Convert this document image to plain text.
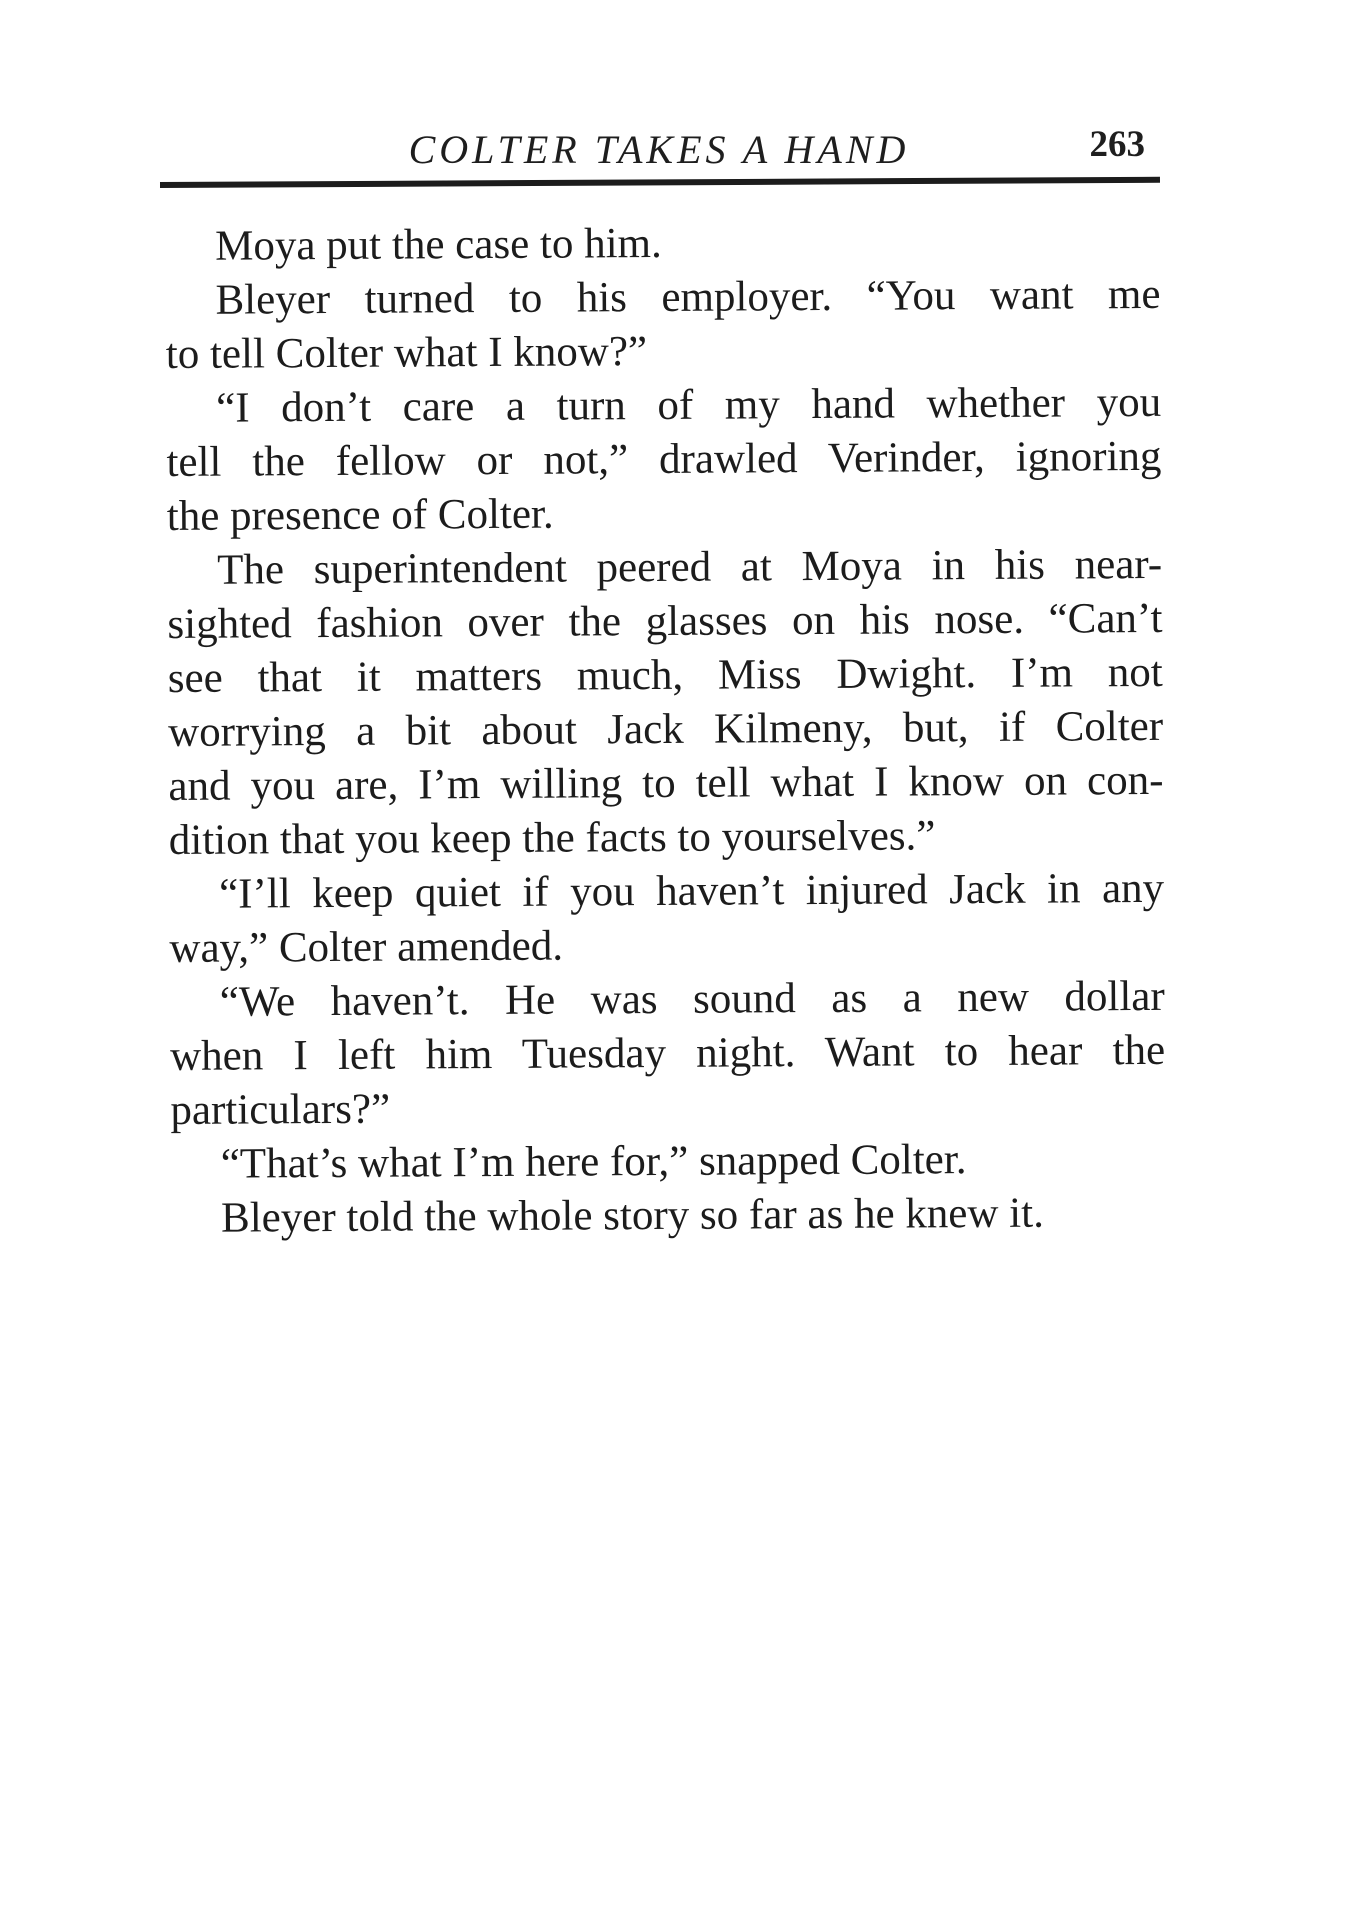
COLTER TAKES A HAND	263
Moya put the case to him.
Bleyer turned to his employer. “You want me
to tell Colter what I know?”
“I don’t care a turn of my hand whether you
tell the fellow or not,” drawled Verinder, ignoring
the presence of Colter.
The superintendent peered at Moya in his near-
sighted fashion over the glasses on his nose. “Can’t
see that it matters much, Miss Dwight. I’m not
worrying a bit about Jack Kilmeny, but, if Colter
and you are, I’m willing to tell what I know on con-
dition that you keep the facts to yourselves.”
“I’ll keep quiet if you haven’t injured Jack in any
way,” Colter amended.
“We haven’t. He was sound as a new dollar
when I left him Tuesday night. Want to hear the
particulars?”
“That’s what I’m here for,” snapped Colter.
Bleyer told the whole story so far as he knew it.
